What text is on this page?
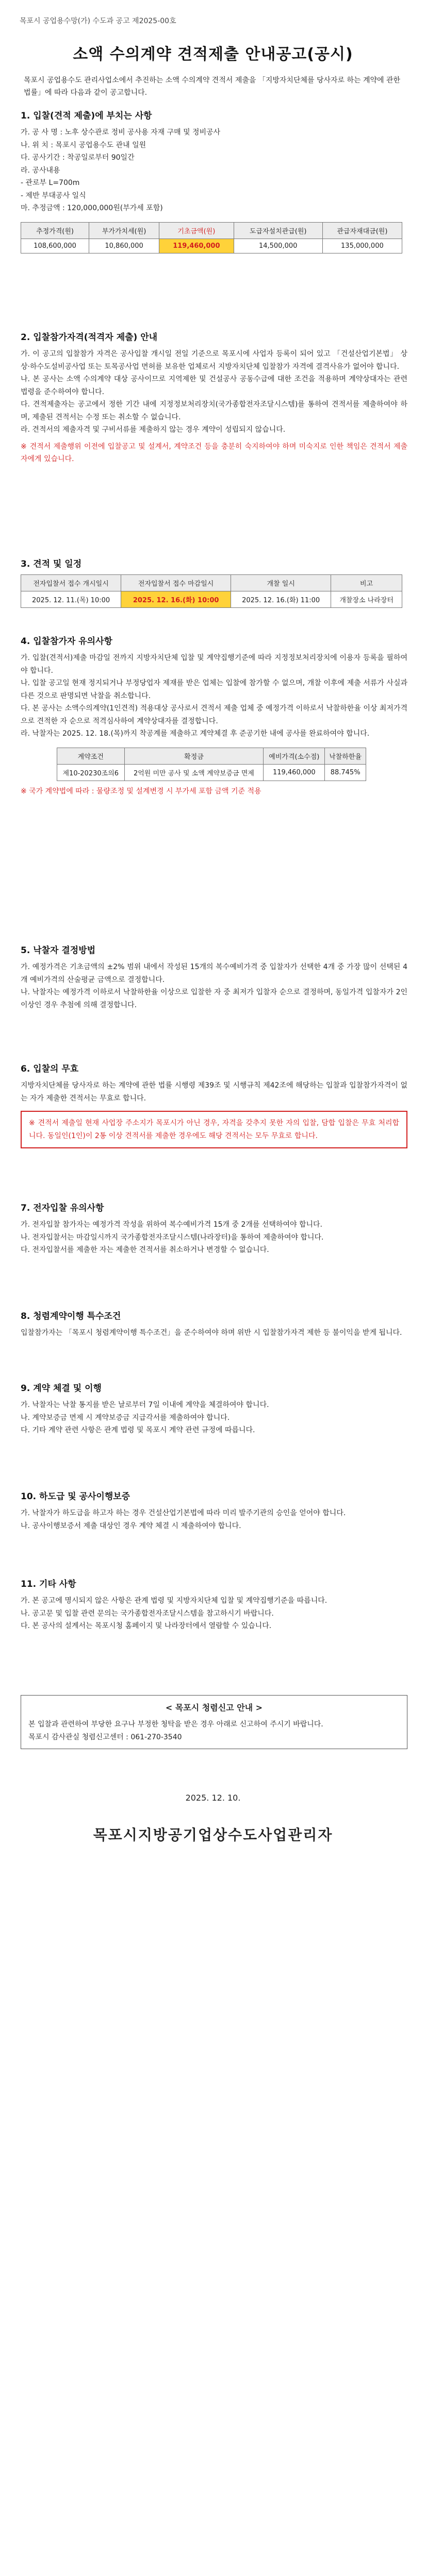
목포시 공업용수망(가) 수도과 공고 제2025-00호
소액 수의계약 견적제출 안내공고(공시)
목포시 공업용수도 관리사업소에서 추진하는 소액 수의계약 견적서 제출을 「지방자치단체를 당사자로 하는 계약에 관한 법률」에 따라 다음과 같이 공고합니다.
1. 입찰(견적 제출)에 부치는 사항

가. 공 사 명 : 노후 상수관로 정비 공사용 자재 구매 및 정비공사

나. 위 치 : 목포시 공업용수도 관내 일원

다. 공사기간 : 착공일로부터 90일간

라. 공사내용

- 관로부 L=700m

- 제반 부대공사 일식

마. 추정금액 : 120,000,000원(부가세 포함)

추정가격(원)	부가가치세(원)	기초금액(원)	도급자설치관급(원)	관급자재대금(원)
108,600,000	10,860,000	119,460,000	14,500,000	135,000,000
2. 입찰참가자격(적격자 제출) 안내

가. 이 공고의 입찰참가 자격은 공사입찰 개시일 전일 기준으로 목포시에 사업자 등록이 되어 있고 「건설산업기본법」 상 상·하수도설비공사업 또는 토목공사업 면허를 보유한 업체로서 지방자치단체 입찰참가 자격에 결격사유가 없어야 합니다.

나. 본 공사는 소액 수의계약 대상 공사이므로 지역제한 및 건설공사 공동수급에 대한 조건을 적용하며 계약상대자는 관련 법령을 준수하여야 합니다.

다. 견적제출자는 공고에서 정한 기간 내에 지정정보처리장치(국가종합전자조달시스템)를 통하여 견적서를 제출하여야 하며, 제출된 견적서는 수정 또는 취소할 수 없습니다.

라. 견적서의 제출자격 및 구비서류를 제출하지 않는 경우 계약이 성립되지 않습니다.

※ 견적서 제출행위 이전에 입찰공고 및 설계서, 계약조건 등을 충분히 숙지하여야 하며 미숙지로 인한 책임은 견적서 제출자에게 있습니다.

3. 견적 및 일정
전자입찰서 접수 개시일시	전자입찰서 접수 마감일시	개찰 일시	비고
2025. 12. 11.(목) 10:00	2025. 12. 16.(화) 10:00	2025. 12. 16.(화) 11:00	개찰장소 나라장터
4. 입찰참가자 유의사항

가. 입찰(견적서)제출 마감일 전까지 지방자치단체 입찰 및 계약집행기준에 따라 지정정보처리장치에 이용자 등록을 필하여야 합니다.

나. 입찰 공고일 현재 정지되거나 부정당업자 제재를 받은 업체는 입찰에 참가할 수 없으며, 개찰 이후에 제출 서류가 사실과 다른 것으로 판명되면 낙찰을 취소합니다.

다. 본 공사는 소액수의계약(1인견적) 적용대상 공사로서 견적서 제출 업체 중 예정가격 이하로서 낙찰하한율 이상 최저가격으로 견적한 자 순으로 적격심사하여 계약상대자를 결정합니다.

라. 낙찰자는 2025. 12. 18.(목)까지 착공계를 제출하고 계약체결 후 준공기한 내에 공사를 완료하여야 합니다.

계약조건	확정금	예비가격(소수점)	낙찰하한율
제10-20230조의6	2억원 미만 공사 및 소액 계약보증금 면제	119,460,000	88.745%

※ 국가 계약법에 따라 : 물량조정 및 설계변경 시 부가세 포함 금액 기준 적용

5. 낙찰자 결정방법

가. 예정가격은 기초금액의 ±2% 범위 내에서 작성된 15개의 복수예비가격 중 입찰자가 선택한 4개 중 가장 많이 선택된 4개 예비가격의 산술평균 금액으로 결정합니다.

나. 낙찰자는 예정가격 이하로서 낙찰하한율 이상으로 입찰한 자 중 최저가 입찰자 순으로 결정하며, 동일가격 입찰자가 2인 이상인 경우 추첨에 의해 결정합니다.

6. 입찰의 무효

지방자치단체를 당사자로 하는 계약에 관한 법률 시행령 제39조 및 시행규칙 제42조에 해당하는 입찰과 입찰참가자격이 없는 자가 제출한 견적서는 무효로 합니다.

※ 견적서 제출일 현재 사업장 주소지가 목포시가 아닌 경우, 자격을 갖추지 못한 자의 입찰, 담합 입찰은 무효 처리합니다. 동일인(1인)이 2통 이상 견적서를 제출한 경우에도 해당 견적서는 모두 무효로 합니다.
7. 전자입찰 유의사항

가. 전자입찰 참가자는 예정가격 작성을 위하여 복수예비가격 15개 중 2개를 선택하여야 합니다.

나. 전자입찰서는 마감일시까지 국가종합전자조달시스템(나라장터)을 통하여 제출하여야 합니다.

다. 전자입찰서를 제출한 자는 제출한 견적서를 취소하거나 변경할 수 없습니다.

8. 청렴계약이행 특수조건

입찰참가자는 「목포시 청렴계약이행 특수조건」을 준수하여야 하며 위반 시 입찰참가자격 제한 등 불이익을 받게 됩니다.

9. 계약 체결 및 이행

가. 낙찰자는 낙찰 통지를 받은 날로부터 7일 이내에 계약을 체결하여야 합니다.

나. 계약보증금 면제 시 계약보증금 지급각서를 제출하여야 합니다.

다. 기타 계약 관련 사항은 관계 법령 및 목포시 계약 관련 규정에 따릅니다.

10. 하도급 및 공사이행보증

가. 낙찰자가 하도급을 하고자 하는 경우 건설산업기본법에 따라 미리 발주기관의 승인을 얻어야 합니다.

나. 공사이행보증서 제출 대상인 경우 계약 체결 시 제출하여야 합니다.

11. 기타 사항

가. 본 공고에 명시되지 않은 사항은 관계 법령 및 지방자치단체 입찰 및 계약집행기준을 따릅니다.

나. 공고문 및 입찰 관련 문의는 국가종합전자조달시스템을 참고하시기 바랍니다.

다. 본 공사의 설계서는 목포시청 홈페이지 및 나라장터에서 열람할 수 있습니다.

< 목포시 청렴신고 안내 >

본 입찰과 관련하여 부당한 요구나 부정한 청탁을 받은 경우 아래로 신고하여 주시기 바랍니다.

목포시 감사관실 청렴신고센터 : 061-270-3540

2025. 12. 10.
목포시지방공기업상수도사업관리자
